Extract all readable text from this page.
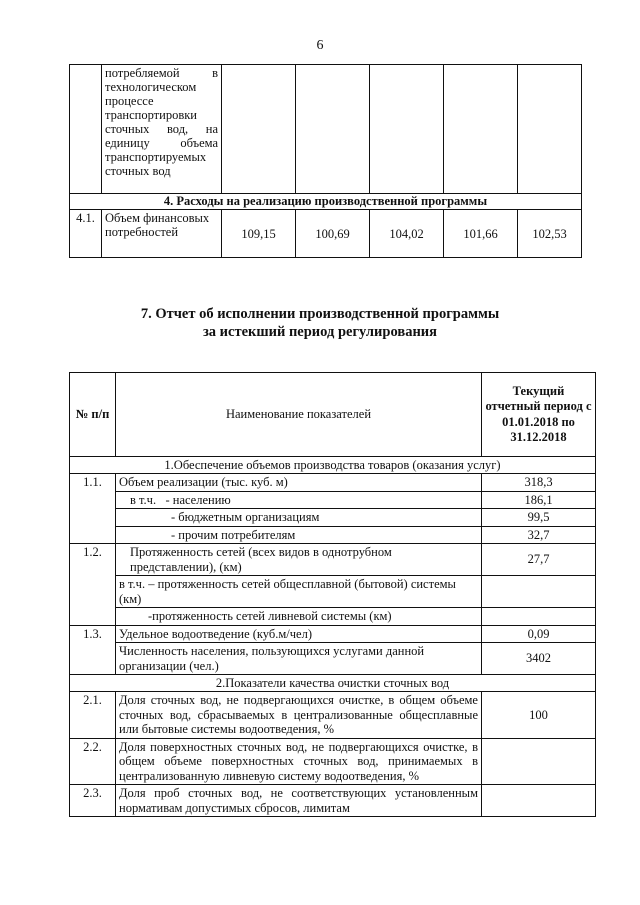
6
	потребляемой в технологическом процессе транспортировки сточных вод, на единицу объема транспортируемых сточных вод					
4. Расходы на реализацию производственной программы						
4.1.	Объем финансовых потребностей	109,15	100,69	104,02	101,66	102,53
7. Отчет об исполнении производственной программы
за истекший период регулирования
№ п/п	Наименование показателей	Текущий отчетный период с 01.01.2018 по 31.12.2018
1.Обеспечение объемов производства товаров (оказания услуг)		
1.1.	Объем реализации (тыс. куб. м)	318,3
	в т.ч.   - населению	186,1
	- бюджетным организациям	99,5
	- прочим потребителям	32,7
1.2.	Протяженность сетей (всех видов в однотрубном представлении), (км)	27,7
	в т.ч. – протяженность сетей общесплавной (бытовой) системы (км)	
	-протяженность сетей ливневой системы (км)	
1.3.	Удельное водоотведение (куб.м/чел)	0,09
	Численность населения, пользующихся услугами данной организации (чел.)	3402
2.Показатели качества очистки сточных вод		
2.1.	Доля сточных вод, не подвергающихся очистке, в общем объеме сточных вод, сбрасываемых в централизованные общесплавные или бытовые системы водоотведения, %	100
2.2.	Доля поверхностных сточных вод, не подвергающихся очистке, в общем объеме поверхностных сточных вод, принимаемых в централизованную ливневую систему водоотведения, %	
2.3.	Доля проб сточных вод, не соответствующих установленным нормативам допустимых сбросов, лимитам	
